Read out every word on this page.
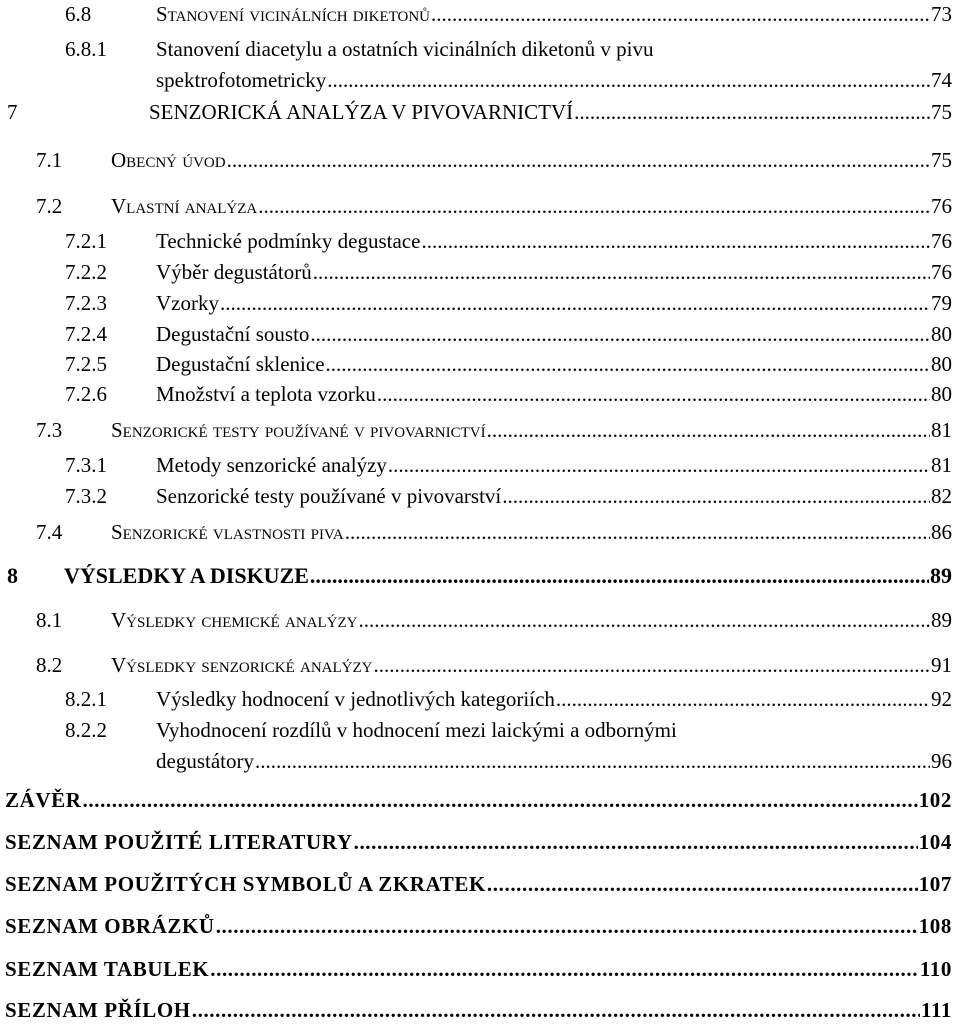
6.8	Stanovení vicinálních diketonů .....	73
6.8.1 Stanovení diacetylu a ostatních vicinálních diketonů v pivu
spektrofotometricky .....	74
7	SENZORICKÁ ANALÝZA V PIVOVARNICTVÍ .....	75
7.1	Obecný úvod .....	75
7.2	Vlastní analýza .....	76
7.2.1	Technické podmínky degustace .....	76
7.2.2	Výběr degustátorů .....	76
7.2.3	Vzorky .....	79
7.2.4	Degustační sousto .....	80
7.2.5	Degustační sklenice .....	80
7.2.6	Množství a teplota vzorku .....	80
7.3	Senzorické testy používané v pivovarnictví .....	81
7.3.1	Metody senzorické analýzy .....	81
7.3.2	Senzorické testy používané v pivovarství .....	82
7.4	Senzorické vlastnosti piva .....	86
8	VÝSLEDKY A DISKUZE .....	89
8.1	Výsledky chemické analýzy .....	89
8.2	Výsledky senzorické analýzy .....	91
8.2.1	Výsledky hodnocení v jednotlivých kategoriích .....	92
8.2.2 Vyhodnocení rozdílů v hodnocení mezi laickými a odbornými
degustátory .....	96
ZÁVĚR .....	102
SEZNAM POUŽITÉ LITERATURY .....	104
SEZNAM POUŽITÝCH SYMBOLŮ A ZKRATEK .....	107
SEZNAM OBRÁZKŮ .....	108
SEZNAM TABULEK .....	110
SEZNAM PŘÍLOH .....	111
